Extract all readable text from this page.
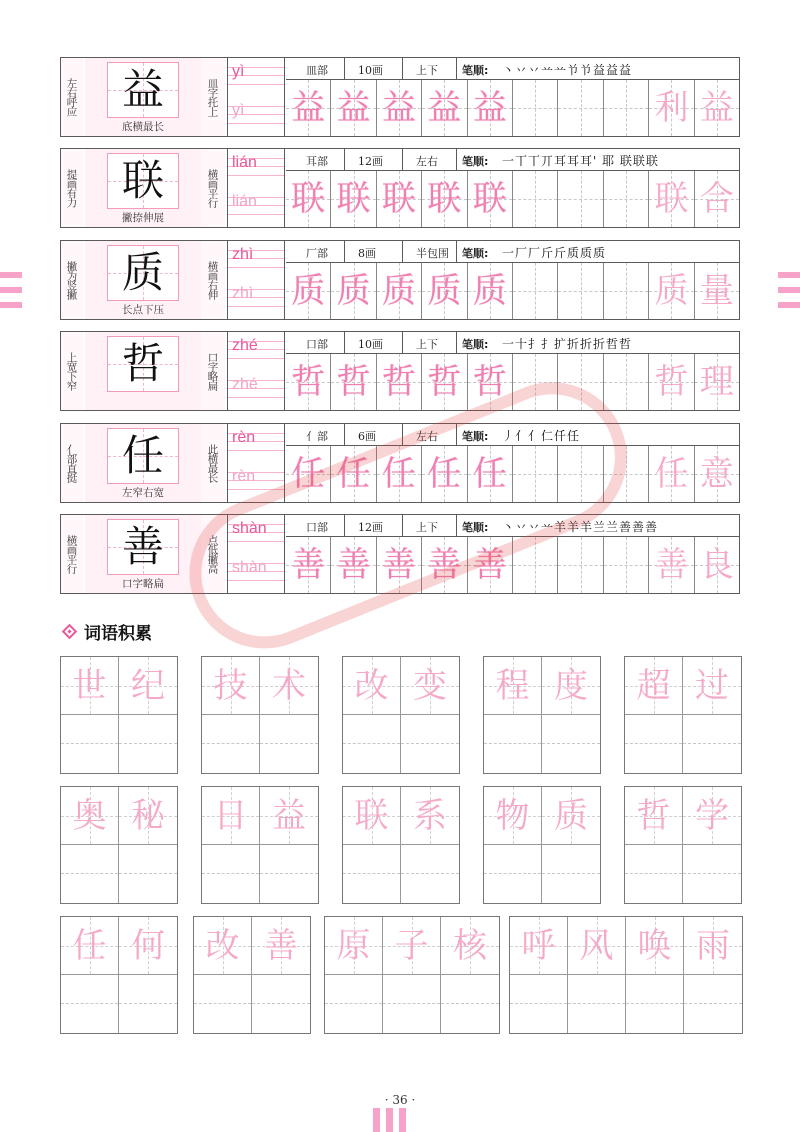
左右呼应	益
底横最长
皿字托上
yì
yì
皿部	10画	上下 笔顺: 丶丷丷䒑䒑兯兯益益益
益 益 益 益 益	利 益
提画有力	联
撇捺伸展
横画平行
lián
lián
耳部	12画	左右 笔顺: 一丅丅丌耳耳耳' 耶 联联联
联 联 联 联 联	联 合
撇为竖撇	质
长点下压
横画右伸
zhì
zhì
厂部	8画	半包围 笔顺: 一厂厂斤斤质质质
质 质 质 质 质	质 量
上宽下窄	哲	口字略扁
zhé
zhé
口部	10画	上下 笔顺: 一十扌扌扩折折折哲哲
哲 哲 哲 哲 哲	哲 理
亻部直挺	任
左窄右宽
此横最长
rèn
rèn
亻部	6画	左右 笔顺: 丿亻亻仁仟任
任 任 任 任 任	任 意
横画平行	善
口字略扁
点低撇高
shàn
shàn
口部	12画	上下 笔顺: 丶丷丷䒑羊羊羊兰兰善善善
善 善 善 善 善	善 良
词语积累
世 纪	技 术	改 变	程 度	超 过
奥 秘	日 益	联 系	物 质	哲 学
任 何	改 善	原 子 核	呼 风 唤 雨
· 36 ·
